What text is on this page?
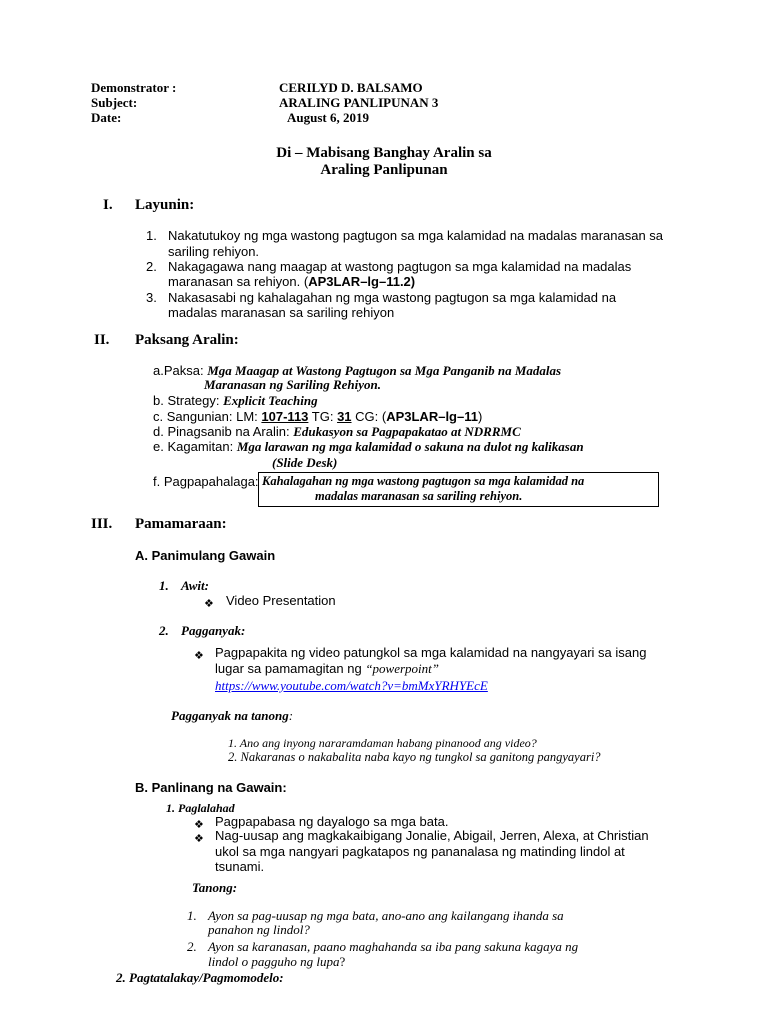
Demonstrator :	CERILYD D. BALSAMO
Subject:	ARALING PANLIPUNAN 3
Date:	August 6, 2019
Di – Mabisang Banghay Aralin sa
Araling Panlipunan
I. Layunin:
1. Nakatutukoy ng mga wastong pagtugon sa mga kalamidad na madalas maranasan sa
sariling rehiyon.
2. Nakagagawa nang maagap at wastong pagtugon sa mga kalamidad na madalas
maranasan sa rehiyon. (AP3LAR–lg–11.2)
3. Nakasasabi ng kahalagahan ng mga wastong pagtugon sa mga kalamidad na
madalas maranasan sa sariling rehiyon
II. Paksang Aralin:
a.Paksa: Mga Maagap at Wastong Pagtugon sa Mga Panganib na Madalas
Maranasan ng Sariling Rehiyon.
b. Strategy: Explicit Teaching
c. Sangunian: LM: 107-113 TG: 31 CG: (AP3LAR–lg–11)
d. Pinagsanib na Aralin: Edukasyon sa Pagpapakatao at NDRRMC
e. Kagamitan: Mga larawan ng mga kalamidad o sakuna na dulot ng kalikasan
(Slide Desk)
f. Pagpapahalaga: Kahalagahan ng mga wastong pagtugon sa mga kalamidad na
madalas maranasan sa sariling rehiyon.
III. Pamamaraan:
A. Panimulang Gawain
1. Awit:
❖ Video Presentation
2. Pagganyak:
❖ Pagpapakita ng video patungkol sa mga kalamidad na nangyayari sa isang
lugar sa pamamagitan ng “powerpoint”
https://www.youtube.com/watch?v=bmMxYRHYEcE
Pagganyak na tanong:
1. Ano ang inyong nararamdaman habang pinanood ang video?
2. Nakaranas o nakabalita naba kayo ng tungkol sa ganitong pangyayari?
B. Panlinang na Gawain:
1. Paglalahad
❖ Pagpapabasa ng dayalogo sa mga bata.
❖ Nag-uusap ang magkakaibigang Jonalie, Abigail, Jerren, Alexa, at Christian
ukol sa mga nangyari pagkatapos ng pananalasa ng matinding lindol at
tsunami.
Tanong:
1. Ayon sa pag-uusap ng mga bata, ano-ano ang kailangang ihanda sa
panahon ng lindol?
2. Ayon sa karanasan, paano maghahanda sa iba pang sakuna kagaya ng
lindol o pagguho ng lupa?
2. Pagtatalakay/Pagmomodelo:
